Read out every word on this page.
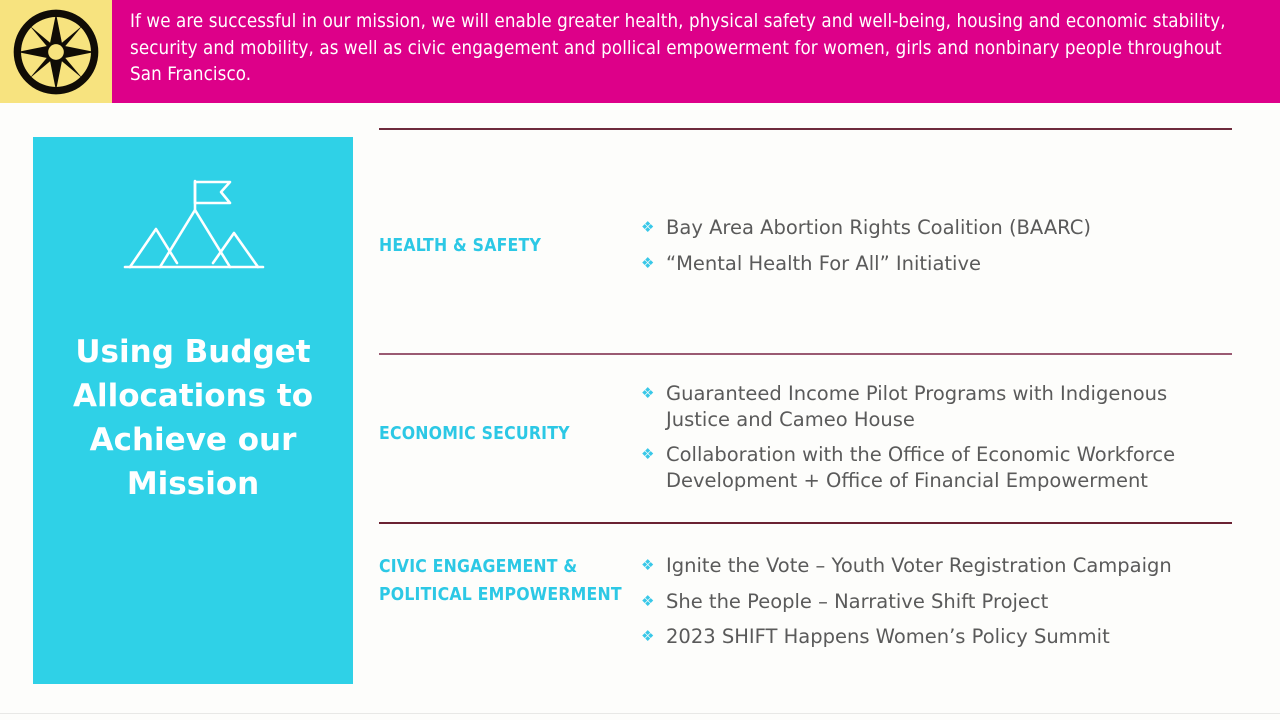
If we are successful in our mission, we will enable greater health, physical safety and well-being, housing and economic stability, security and mobility, as well as civic engagement and pollical empowerment for women, girls and nonbinary people throughout San Francisco.
Using Budget Allocations to Achieve our Mission
HEALTH & SAFETY
❖ Bay Area Abortion Rights Coalition (BAARC)
❖ “Mental Health For All” Initiative
ECONOMIC SECURITY
❖ Guaranteed Income Pilot Programs with Indigenous Justice and Cameo House
❖ Collaboration with the Office of Economic Workforce Development + Office of Financial Empowerment
CIVIC ENGAGEMENT & POLITICAL EMPOWERMENT
❖ Ignite the Vote – Youth Voter Registration Campaign
❖ She the People – Narrative Shift Project
❖ 2023 SHIFT Happens Women’s Policy Summit
